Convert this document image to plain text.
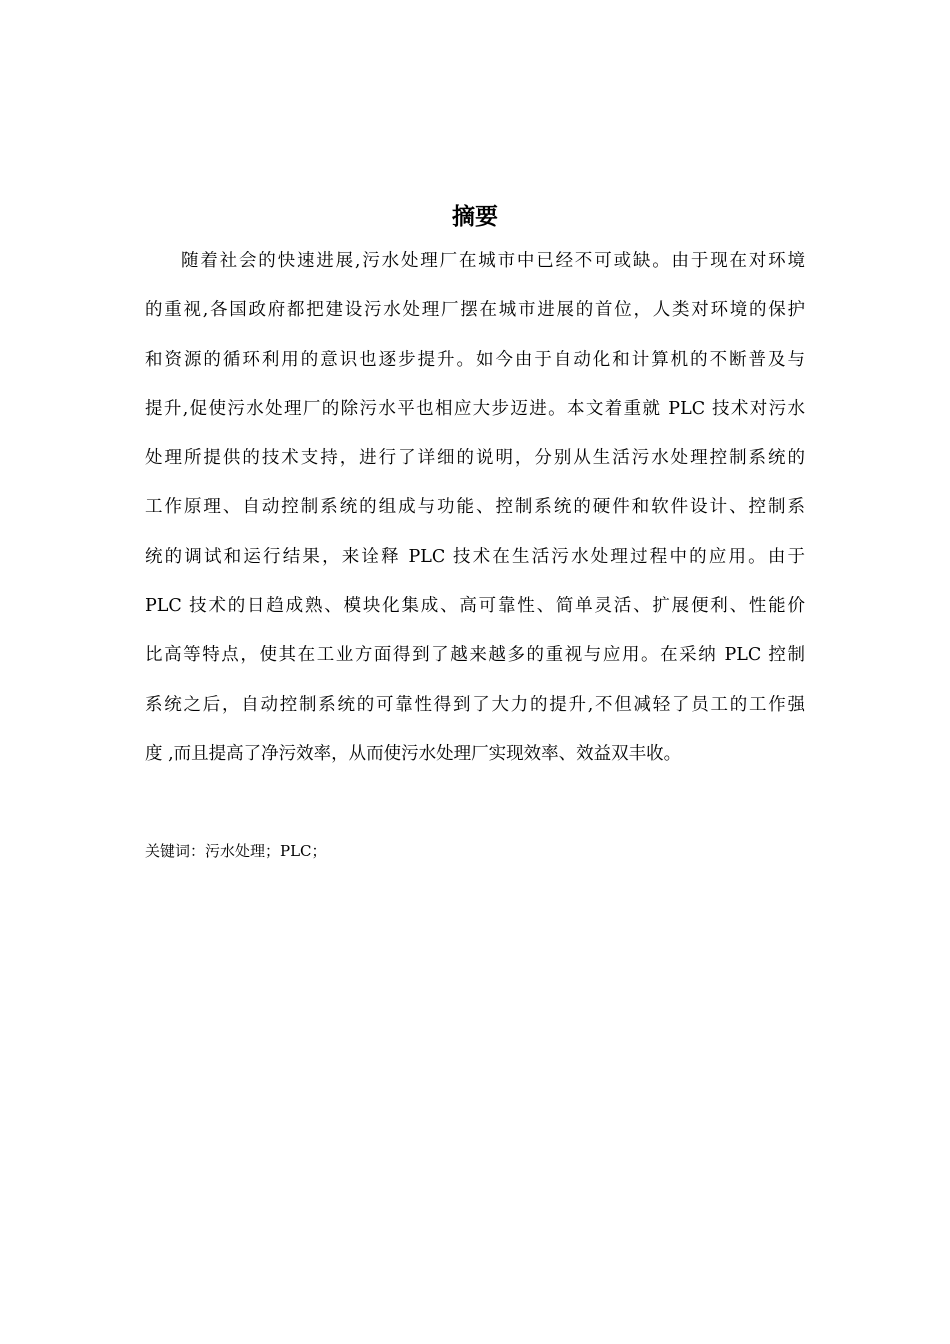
摘要
随着社会的快速进展,污水处理厂在城市中已经不可或缺。由于现在对环境
的重视,各国政府都把建设污水处理厂摆在城市进展的首位，人类对环境的保护
和资源的循环利用的意识也逐步提升。如今由于自动化和计算机的不断普及与
提升,促使污水处理厂的除污水平也相应大步迈进。本文着重就 PLC 技术对污水
处理所提供的技术支持，进行了详细的说明，分别从生活污水处理控制系统的
工作原理、自动控制系统的组成与功能、控制系统的硬件和软件设计、控制系
统的调试和运行结果，来诠释 PLC 技术在生活污水处理过程中的应用。由于
PLC 技术的日趋成熟、模块化集成、高可靠性、简单灵活、扩展便利、性能价
比高等特点，使其在工业方面得到了越来越多的重视与应用。在采纳 PLC 控制
系统之后，自动控制系统的可靠性得到了大力的提升,不但减轻了员工的工作强
度 ,而且提高了净污效率，从而使污水处理厂实现效率、效益双丰收。
关键词：污水处理；PLC；
